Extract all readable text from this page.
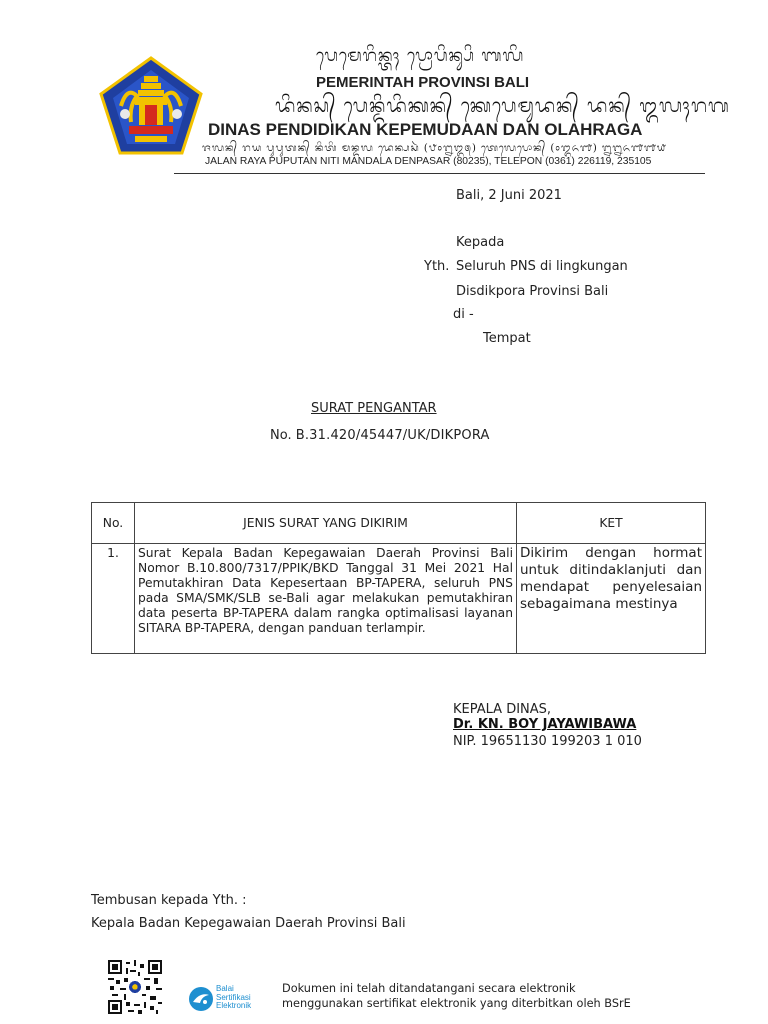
ᬧᬾᬫᬾᬭᬶᬦ᭄ᬢᬄ ᬧ᭄ᬭᭀᬧᬶᬦ᭄ᬲᬶ ᬩᬮᬶ
PEMERINTAH PROVINSI BALI
ᬤᬶᬦᬲ᭄ ᬧᬾᬦ᭄ᬤᬶᬤᬶᬓᬦ᭄ ᬓᬾᬧᬾᬫᬸᬤᬦ᭄ ᬤᬦ᭄ ᬑᬮᬄᬭᬕ
DINAS PENDIDIKAN KEPEMUDAAN DAN OLAHRAGA
ᬚᬮᬦ᭄ ᬭᬬ ᬧᬸᬧᬸᬢᬦ᭄ ᬦᬶᬢᬶ ᬫᬦ᭄ᬤᬮ ᬤᬾᬦ᭄ᬧᬲᬃ (᭘᭐᭒᭓᭕) ᬢᬾᬮᬾᬧᭀᬦ᭄ (᭐᭓᭖᭑) ᭒᭒᭖᭑᭑᭙
JALAN RAYA PUPUTAN NITI MANDALA DENPASAR (80235), TELEPON (0361) 226119, 235105
Bali, 2 Juni 2021
Kepada
Yth. Seluruh PNS di lingkungan
Disdikpora Provinsi Bali
di -
Tempat
SURAT PENGANTAR
No. B.31.420/45447/UK/DIKPORA
No.	JENIS SURAT YANG DIKIRIM	KET
1.	Surat Kepala Badan Kepegawaian Daerah Provinsi Bali Nomor B.10.800/7317/PPIK/BKD Tanggal 31 Mei 2021 Hal Pemutakhiran Data Kepesertaan BP-TAPERA, seluruh PNS pada SMA/SMK/SLB se-Bali agar melakukan pemutakhiran data peserta BP-TAPERA dalam rangka optimalisasi layanan SITARA BP-TAPERA, dengan panduan terlampir.	Dikirim dengan hormat untuk ditindaklanjuti dan mendapat penyelesaian sebagaimana mestinya
KEPALA DINAS,
Dr. KN. BOY JAYAWIBAWA
NIP. 19651130 199203 1 010
Tembusan kepada Yth. :
Kepala Badan Kepegawaian Daerah Provinsi Bali
Balai
Sertifikasi
Elektronik
Dokumen ini telah ditandatangani secara elektronik
menggunakan sertifikat elektronik yang diterbitkan oleh BSrE
